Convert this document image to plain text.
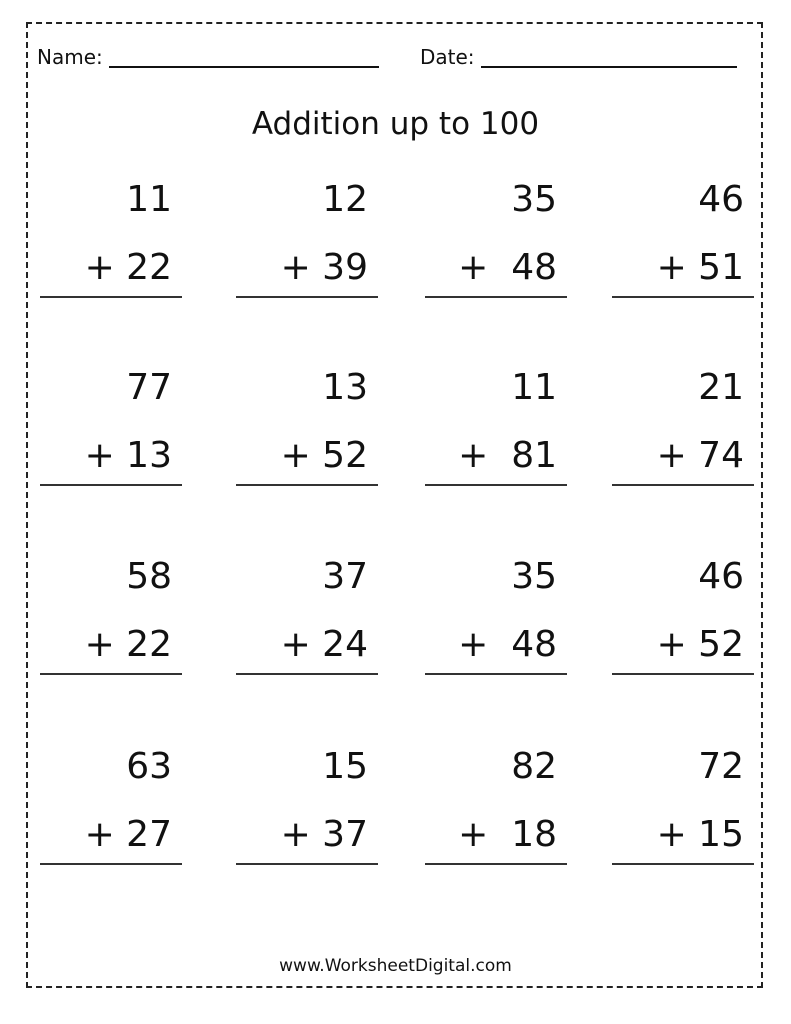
Name:	Date:
Addition up to 100
11
+ 22
12
+ 39
35
+  48
46
+ 51
77
+ 13
13
+ 52
11
+  81
21
+ 74
58
+ 22
37
+ 24
35
+  48
46
+ 52
63
+ 27
15
+ 37
82
+  18
72
+ 15
www.WorksheetDigital.com
